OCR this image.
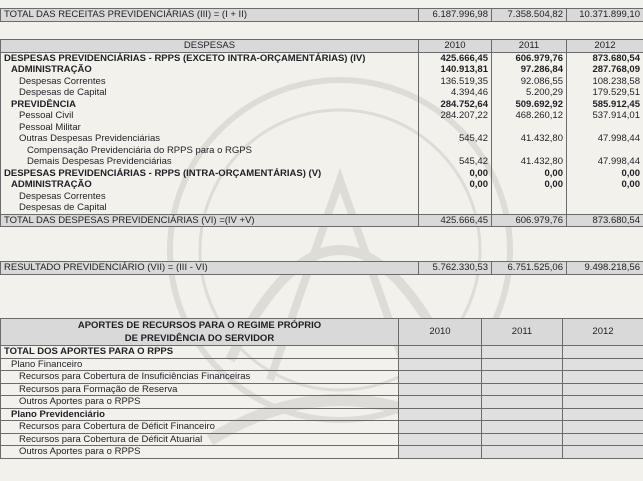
TOTAL DAS RECEITAS PREVIDENCIÁRIAS (III) = (I + II)	6.187.996,98	7.358.504,82	10.371.899,10
DESPESAS	2010	2011	2012
DESPESAS PREVIDENCIÁRIAS - RPPS (EXCETO INTRA-ORÇAMENTÁRIAS) (IV)	425.666,45	606.979,76	873.680,54
ADMINISTRAÇÃO	140.913,81	97.286,84	287.768,09
Despesas Correntes	136.519,35	92.086,55	108.238,58
Despesas de Capital	4.394,46	5.200,29	179.529,51
PREVIDÊNCIA	284.752,64	509.692,92	585.912,45
Pessoal Civil	284.207,22	468.260,12	537.914,01
Pessoal Militar			
Outras Despesas Previdenciárias	545,42	41.432,80	47.998,44
Compensação Previdenciária do RPPS para o RGPS			
Demais Despesas Previdenciárias	545,42	41.432,80	47.998,44
DESPESAS PREVIDENCIÁRIAS - RPPS (INTRA-ORÇAMENTÁRIAS) (V)	0,00	0,00	0,00
ADMINISTRAÇÃO	0,00	0,00	0,00
Despesas Correntes			
Despesas de Capital			
TOTAL DAS DESPESAS PREVIDENCIÁRIAS (VI) =(IV +V)	425.666,45	606.979,76	873.680,54
RESULTADO PREVIDENCIÁRIO (VII) = (III - VI)	5.762.330,53	6.751.525,06	9.498.218,56
APORTES DE RECURSOS PARA O REGIME PRÓPRIO
DE PREVIDÊNCIA DO SERVIDOR	2010	2011	2012
TOTAL DOS APORTES PARA O RPPS			
Plano Financeiro			
Recursos para Cobertura de Insuficiências Financeiras			
Recursos para Formação de Reserva			
Outros Aportes para o RPPS			
Plano Previdenciário			
Recursos para Cobertura de Déficit Financeiro			
Recursos para Cobertura de Déficit Atuarial			
Outros Aportes para o RPPS			
